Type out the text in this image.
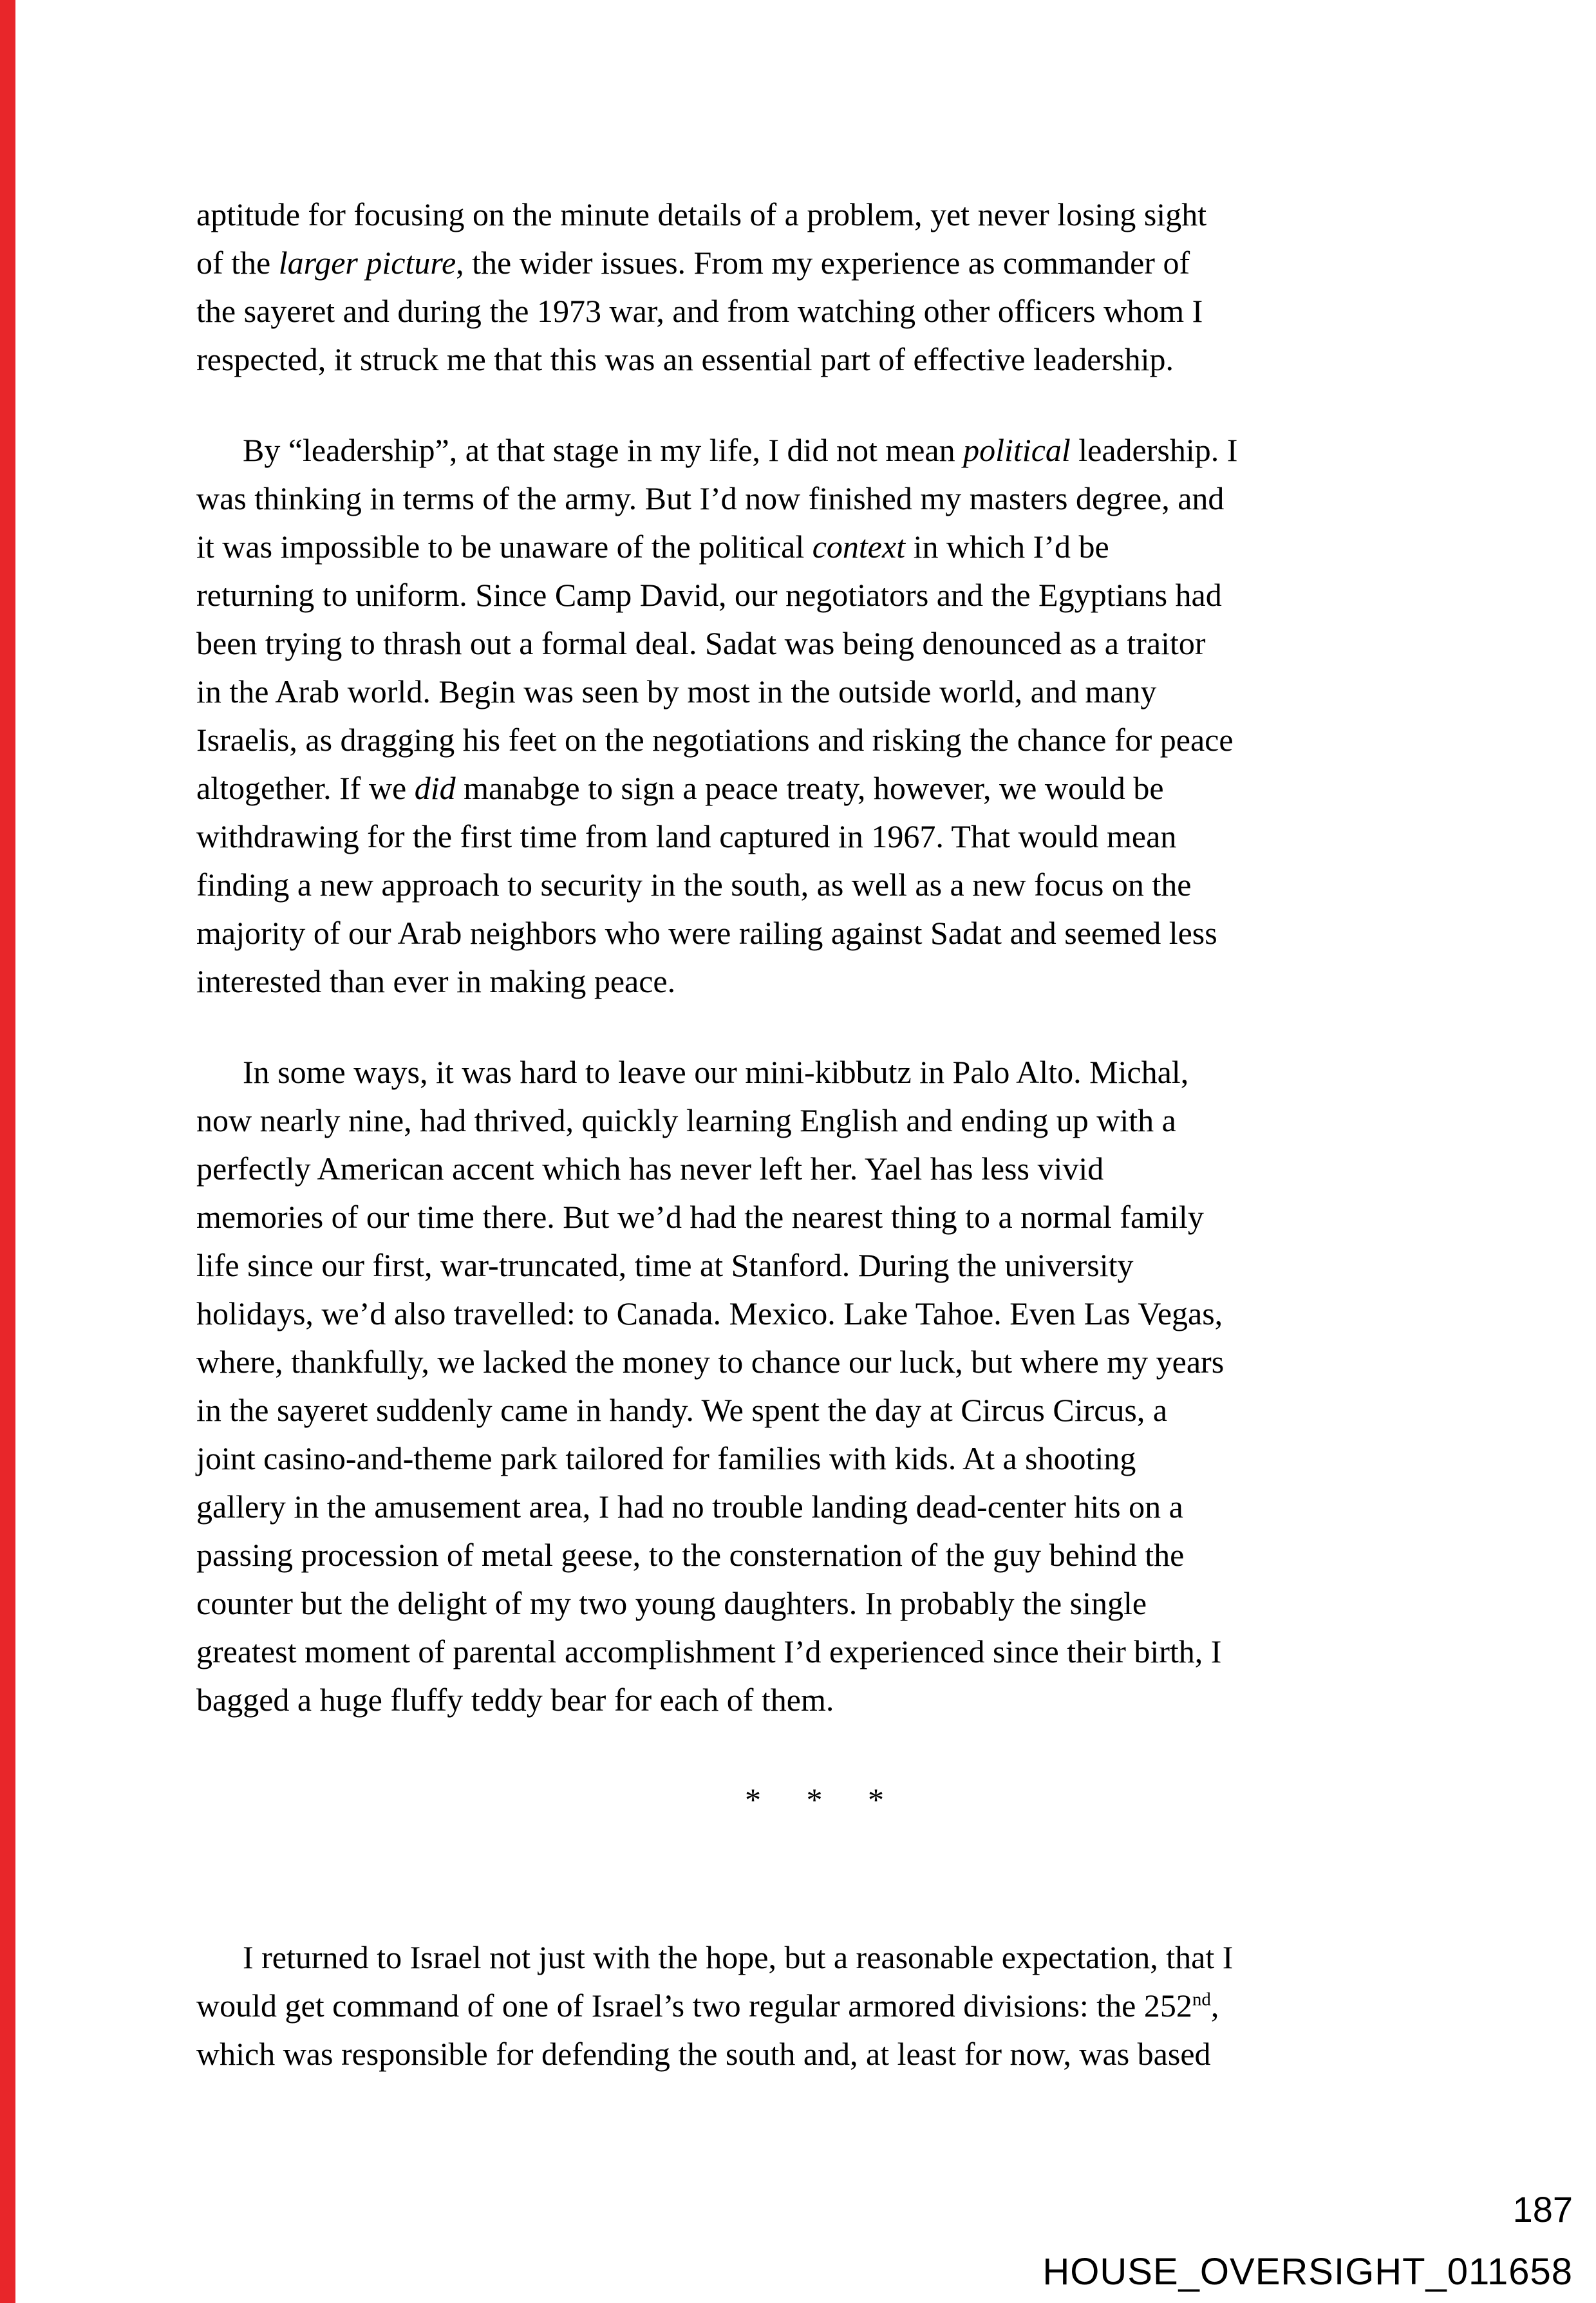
aptitude for focusing on the minute details of a problem, yet never losing sight
of the larger picture, the wider issues. From my experience as commander of
the sayeret and during the 1973 war, and from watching other officers whom I
respected, it struck me that this was an essential part of effective leadership.
By “leadership”, at that stage in my life, I did not mean political leadership. I
was thinking in terms of the army. But I’d now finished my masters degree, and
it was impossible to be unaware of the political context in which I’d be
returning to uniform. Since Camp David, our negotiators and the Egyptians had
been trying to thrash out a formal deal. Sadat was being denounced as a traitor
in the Arab world. Begin was seen by most in the outside world, and many
Israelis, as dragging his feet on the negotiations and risking the chance for peace
altogether. If we did manabge to sign a peace treaty, however, we would be
withdrawing for the first time from land captured in 1967. That would mean
finding a new approach to security in the south, as well as a new focus on the
majority of our Arab neighbors who were railing against Sadat and seemed less
interested than ever in making peace.
In some ways, it was hard to leave our mini-kibbutz in Palo Alto. Michal,
now nearly nine, had thrived, quickly learning English and ending up with a
perfectly American accent which has never left her. Yael has less vivid
memories of our time there. But we’d had the nearest thing to a normal family
life since our first, war-truncated, time at Stanford. During the university
holidays, we’d also travelled: to Canada. Mexico. Lake Tahoe. Even Las Vegas,
where, thankfully, we lacked the money to chance our luck, but where my years
in the sayeret suddenly came in handy. We spent the day at Circus Circus, a
joint casino-and-theme park tailored for families with kids. At a shooting
gallery in the amusement area, I had no trouble landing dead-center hits on a
passing procession of metal geese, to the consternation of the guy behind the
counter but the delight of my two young daughters. In probably the single
greatest moment of parental accomplishment I’d experienced since their birth, I
bagged a huge fluffy teddy bear for each of them.
* * *
I returned to Israel not just with the hope, but a reasonable expectation, that I
would get command of one of Israel’s two regular armored divisions: the 252nd,
which was responsible for defending the south and, at least for now, was based
187
HOUSE_OVERSIGHT_011658
